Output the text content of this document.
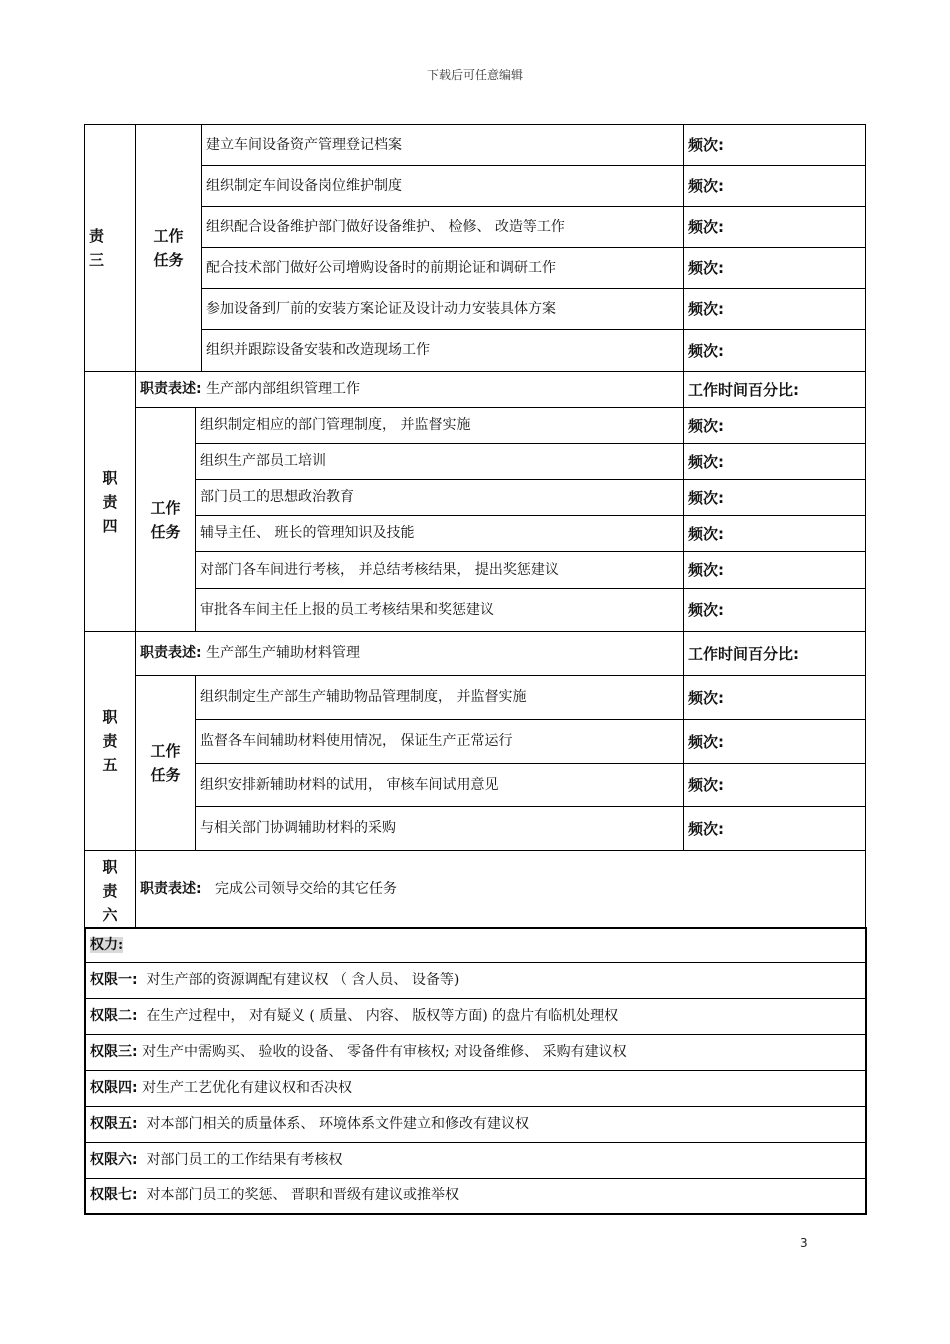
下载后可任意编辑
责
三	工作
任务	建立车间设备资产管理登记档案	频次:
		组织制定车间设备岗位维护制度	频次:
		组织配合设备维护部门做好设备维护、 检修、 改造等工作	频次:
		配合技术部门做好公司增购设备时的前期论证和调研工作	频次:
		参加设备到厂前的安装方案论证及设计动力安装具体方案	频次:
		组织并跟踪设备安装和改造现场工作	频次:
职
责
四	职责表述: 生产部内部组织管理工作		工作时间百分比:

	工作
任务	组织制定相应的部门管理制度， 并监督实施	频次:
		组织生产部员工培训	频次:
		部门员工的思想政治教育	频次:
		辅导主任、 班长的管理知识及技能	频次:
		对部门各车间进行考核， 并总结考核结果， 提出奖惩建议	频次:
		审批各车间主任上报的员工考核结果和奖惩建议	频次:
职
责
五	职责表述: 生产部生产辅助材料管理		工作时间百分比:

	工作
任务	组织制定生产部生产辅助物品管理制度， 并监督实施	频次:
		监督各车间辅助材料使用情况， 保证生产正常运行	频次:
		组织安排新辅助材料的试用， 审核车间试用意见	频次:
		与相关部门协调辅助材料的采购	频次:
职
责
六
	职责表述: 完成公司领导交给的其它任务
权力:
权限一: 对生产部的资源调配有建议权 （ 含人员、 设备等)
权限二: 在生产过程中， 对有疑义 ( 质量、 内容、 版权等方面) 的盘片有临机处理权
权限三: 对生产中需购买、 验收的设备、 零备件有审核权; 对设备维修、 采购有建议权
权限四: 对生产工艺优化有建议权和否决权
权限五: 对本部门相关的质量体系、 环境体系文件建立和修改有建议权
权限六: 对部门员工的工作结果有考核权
权限七: 对本部门员工的奖惩、 晋职和晋级有建议或推举权
3
